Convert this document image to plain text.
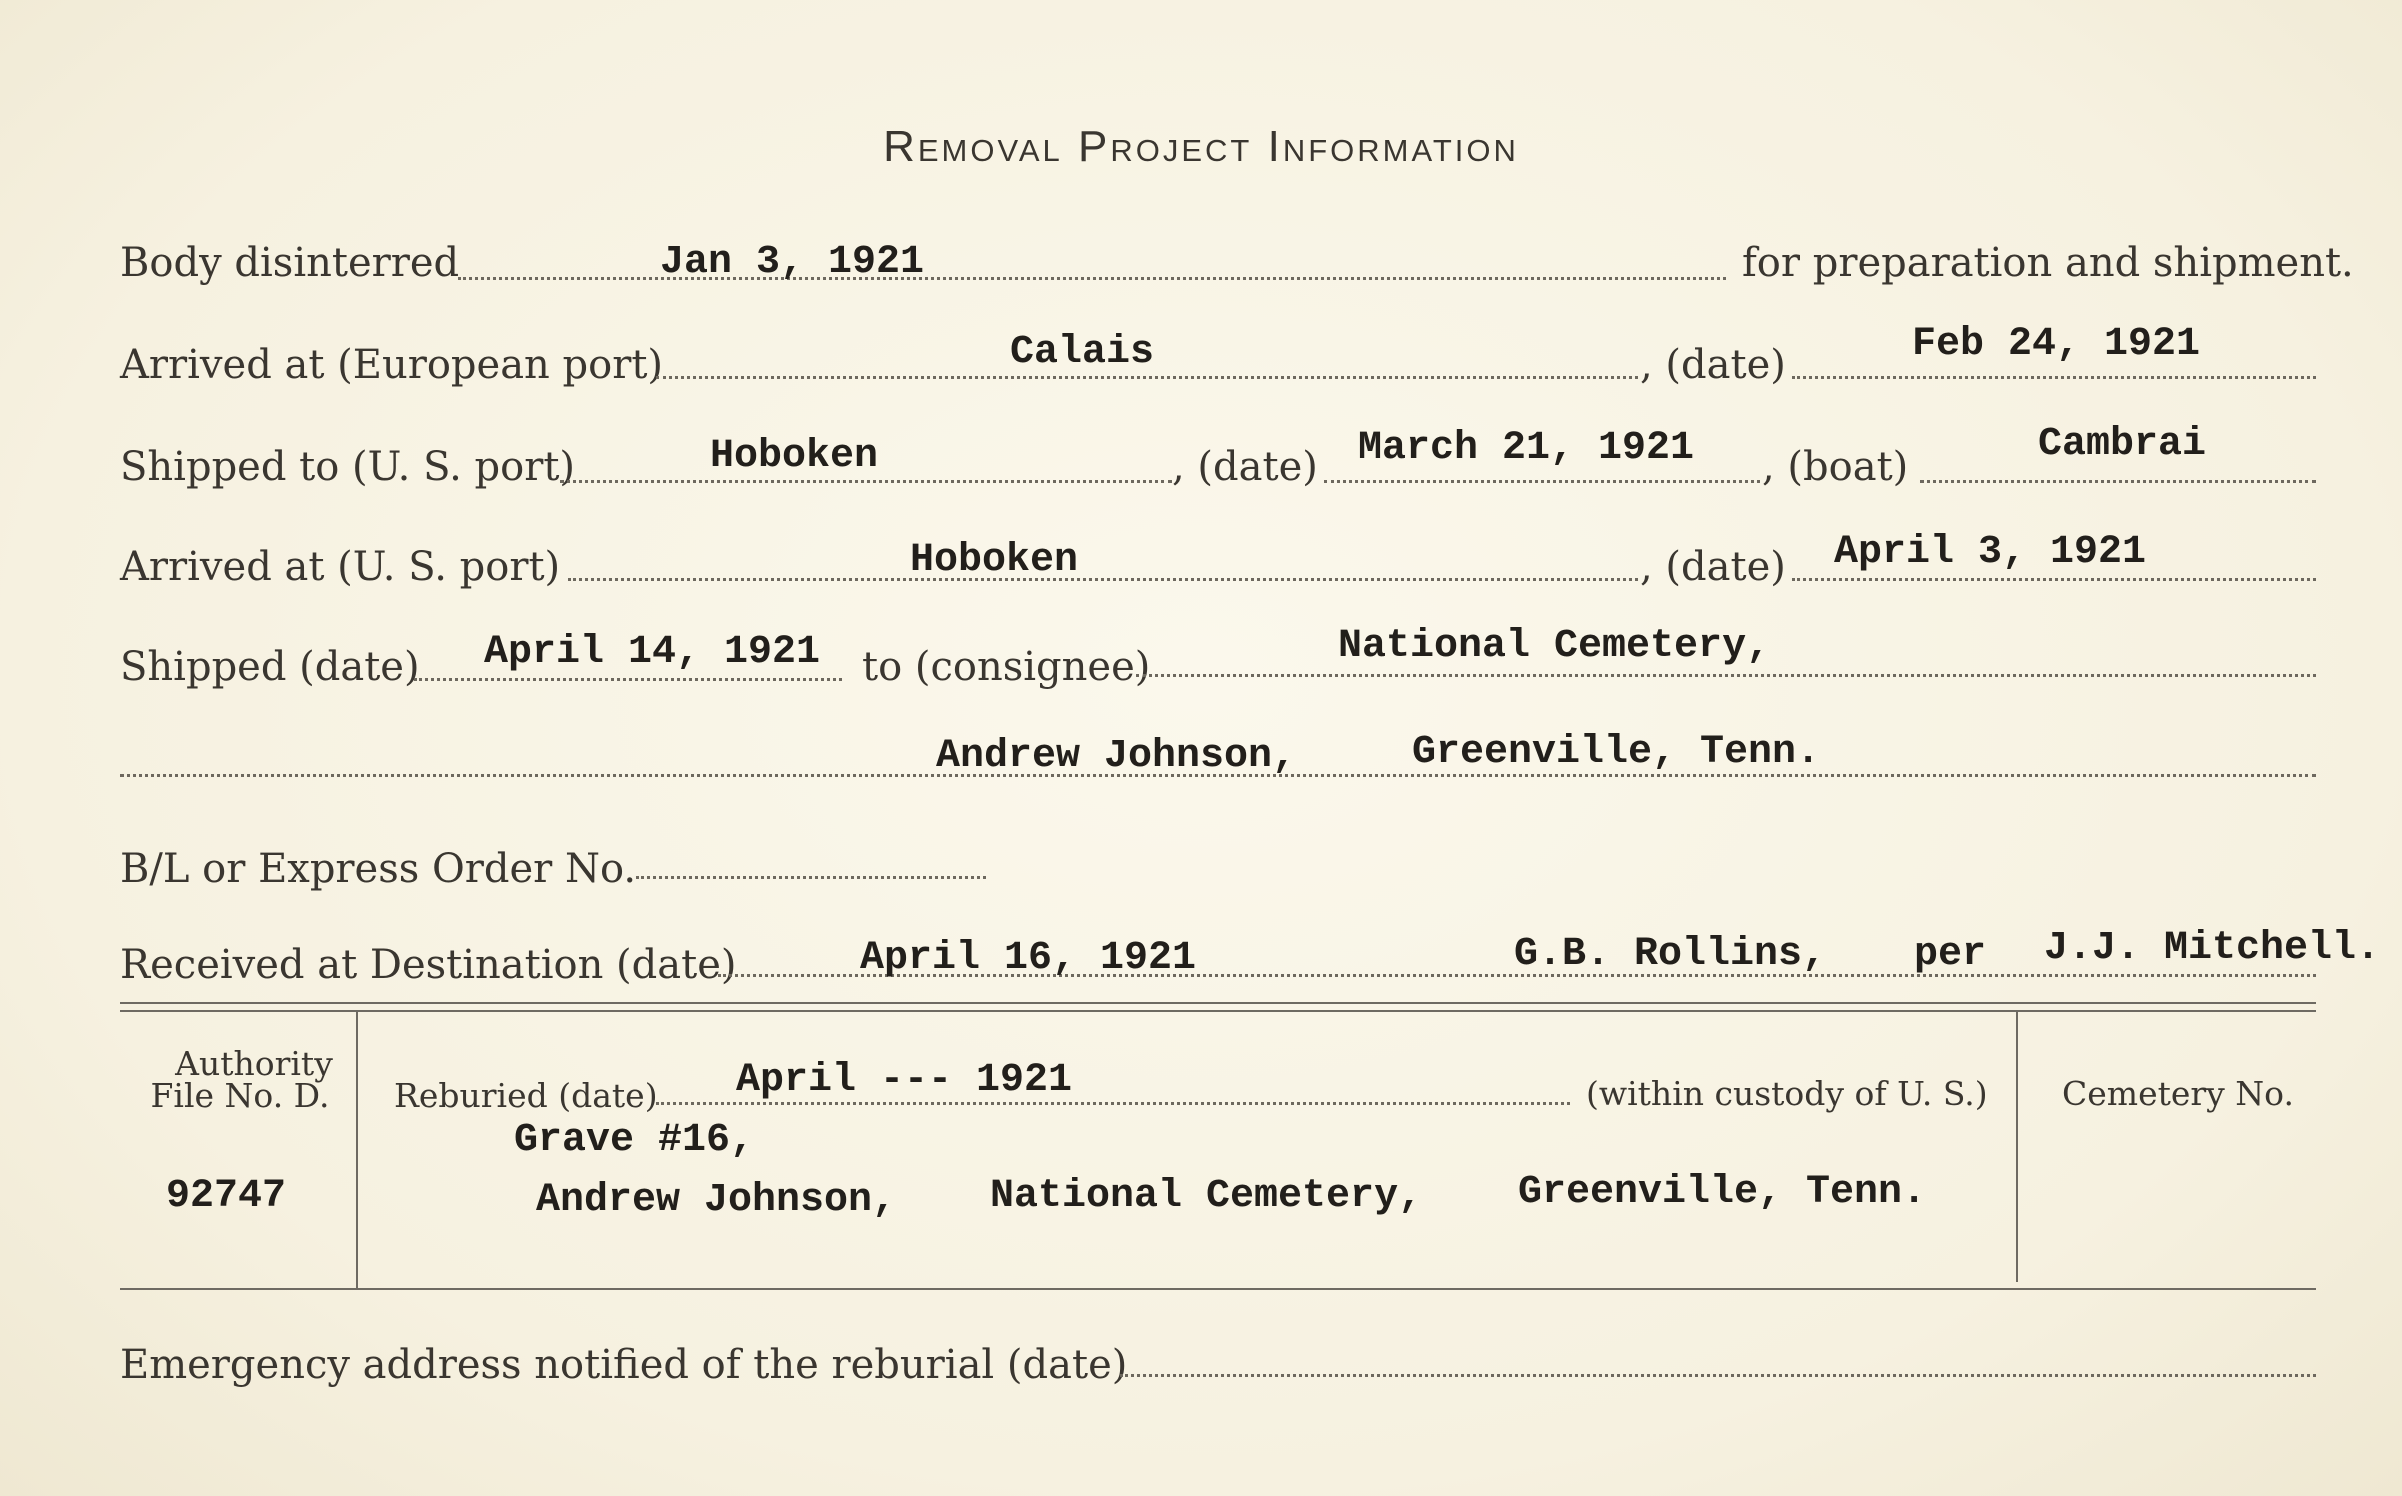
Removal Project Information
Body disinterred	Jan 3, 1921	for preparation and shipment.
Arrived at (European port)	Calais	, (date)	Feb 24, 1921
Shipped to (U. S. port)	Hoboken	, (date) March 21, 1921 , (boat)	Cambrai
Arrived at (U. S. port)	Hoboken	, (date) April 3, 1921
Shipped (date) April 14, 1921 to (consignee)	National Cemetery,
Andrew Johnson,	Greenville, Tenn.
B/L or Express Order No.
Received at Destination (date)	April 16, 1921	G.B. Rollins, per J.J. Mitchell.
Authority
File No. D.
92747
Reburied (date) April --- 1921	(within custody of U. S.)
Grave #16,
Andrew Johnson, National Cemetery, Greenville, Tenn.
Cemetery No.
Emergency address notified of the reburial (date)
